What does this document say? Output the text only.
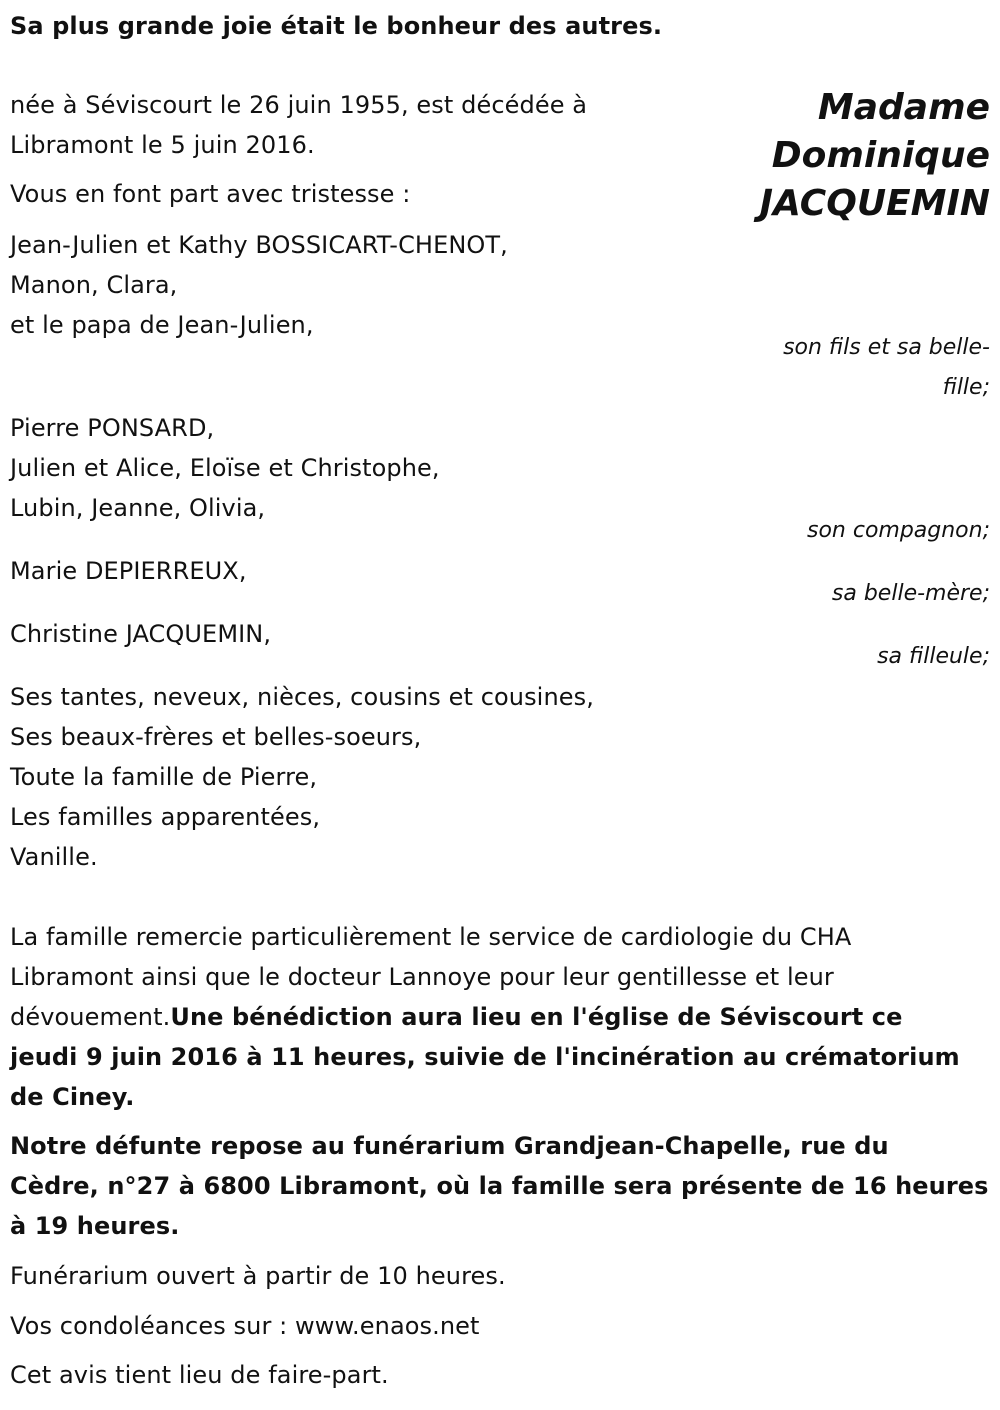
Sa plus grande joie était le bonheur des autres.
Madame
Dominique
JACQUEMIN
née à Séviscourt le 26 juin 1955, est décédée à
Libramont le 5 juin 2016.
Vous en font part avec tristesse :
Jean-Julien et Kathy BOSSICART-CHENOT,
Manon, Clara,
et le papa de Jean-Julien,
son fils et sa belle-
fille;
Pierre PONSARD,
Julien et Alice, Eloïse et Christophe,
Lubin, Jeanne, Olivia,
son compagnon;
Marie DEPIERREUX,
sa belle-mère;
Christine JACQUEMIN,
sa filleule;
Ses tantes, neveux, nièces, cousins et cousines,
Ses beaux-frères et belles-soeurs,
Toute la famille de Pierre,
Les familles apparentées,
Vanille.
La famille remercie particulièrement le service de cardiologie du CHA
Libramont ainsi que le docteur Lannoye pour leur gentillesse et leur
dévouement.Une bénédiction aura lieu en l'église de Séviscourt ce
jeudi 9 juin 2016 à 11 heures, suivie de l'incinération au crématorium
de Ciney.
Notre défunte repose au funérarium Grandjean-Chapelle, rue du
Cèdre, n°27 à 6800 Libramont, où la famille sera présente de 16 heures
à 19 heures.
Funérarium ouvert à partir de 10 heures.
Vos condoléances sur : www.enaos.net
Cet avis tient lieu de faire-part.
